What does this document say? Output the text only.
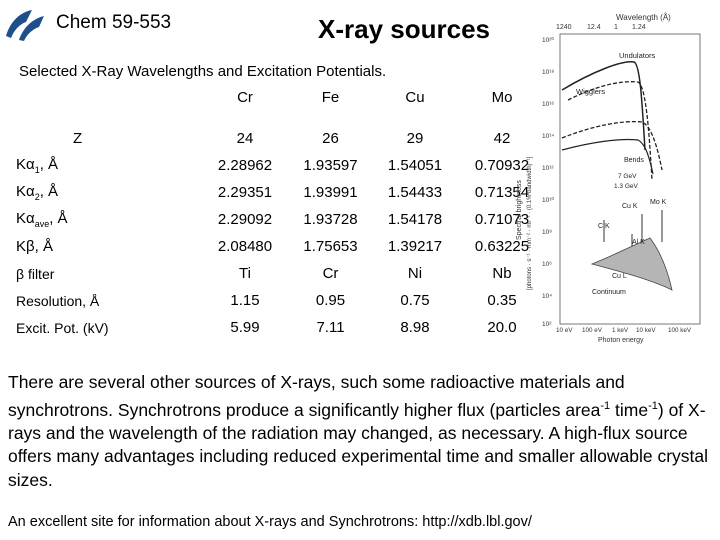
Chem 59-553	X-ray sources
Selected X-Ray Wavelengths and Excitation Potentials.
	Cr	Fe	Cu	Mo

Z	24	26	29	42
$K\alpha_1$, Å	2.28962	1.93597	1.54051	0.70932
$K\alpha_2$, Å	2.29351	1.93991	1.54433	0.71354
$K\alpha_{ave}$, Å	2.29092	1.93728	1.54178	0.71073
Kβ, Å	2.08480	1.75653	1.39217	0.63225
β filter	Ti	Cr	Ni	Nb
Resolution, Å	1.15	0.95	0.75	0.35
Excit. Pot. (kV)	5.99	7.11	8.98	20.0
Wavelength (Å)
1240 12.4 1 1.24
10²⁰
10¹⁸
10¹⁶
10¹⁴
10¹²
10¹⁰
10⁸
10⁶
10⁴
10²
Spectral brightness [photons · s⁻¹ · mm⁻² · mr⁻² · (0.1% bandwidth)⁻¹]
Undulators
Wigglers
Bends
7 GeV
1.3 GeV
Cu K
Mo K
C K
Al K
Cu L
Continuum
10 eV 100 eV 1 keV 10 keV 100 keV
Photon energy
There are several other sources of X-rays, such some radioactive materials and synchrotrons. Synchrotrons produce a significantly higher flux (particles area$^{-1}$ time$^{-1}$) of X-rays and the wavelength of the radiation may changed, as necessary. A high-flux source offers many advantages including reduced experimental time and smaller allowable crystal sizes.
An excellent site for information about X-rays and Synchrotrons: http://xdb.lbl.gov/
